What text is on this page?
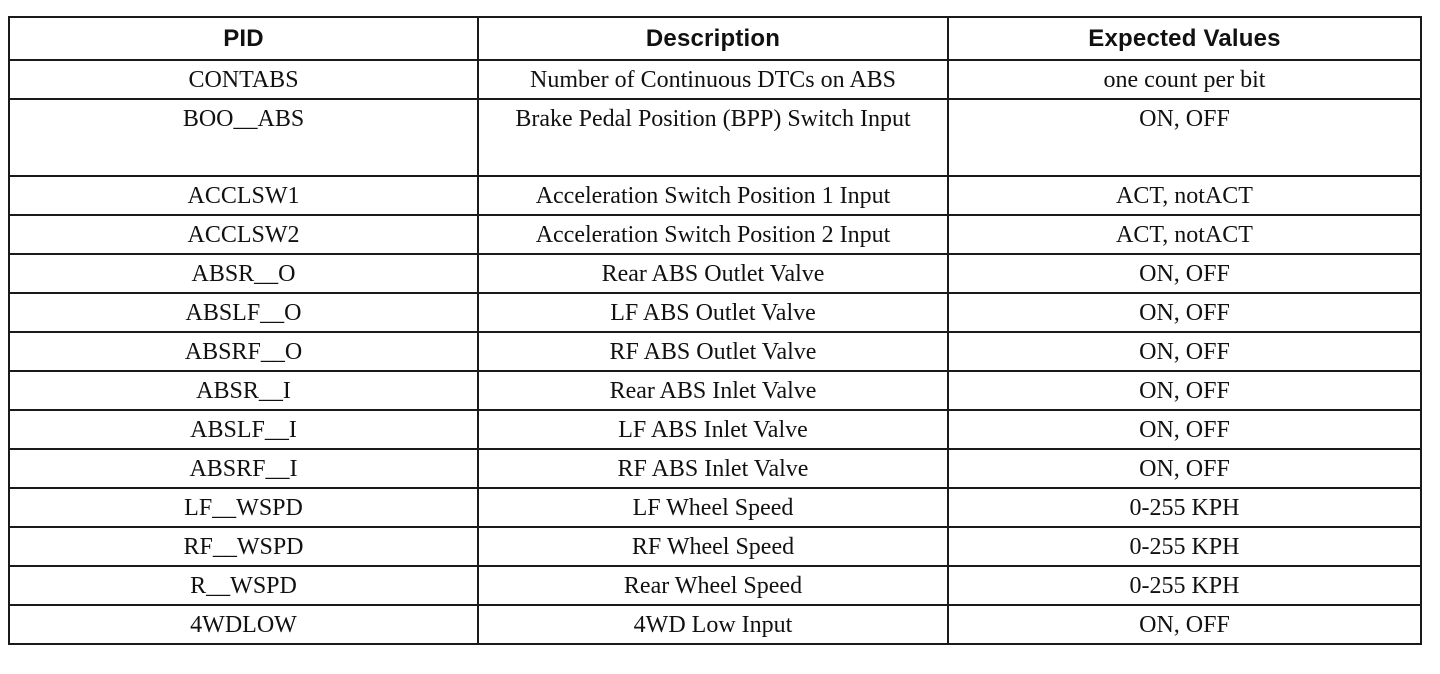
PID	Description	Expected Values
CONTABS	Number of Continuous DTCs on ABS	one count per bit
BOO__ABS	Brake Pedal Position (BPP) Switch Input	ON, OFF
ACCLSW1	Acceleration Switch Position 1 Input	ACT, notACT
ACCLSW2	Acceleration Switch Position 2 Input	ACT, notACT
ABSR__O	Rear ABS Outlet Valve	ON, OFF
ABSLF__O	LF ABS Outlet Valve	ON, OFF
ABSRF__O	RF ABS Outlet Valve	ON, OFF
ABSR__I	Rear ABS Inlet Valve	ON, OFF
ABSLF__I	LF ABS Inlet Valve	ON, OFF
ABSRF__I	RF ABS Inlet Valve	ON, OFF
LF__WSPD	LF Wheel Speed	0-255 KPH
RF__WSPD	RF Wheel Speed	0-255 KPH
R__WSPD	Rear Wheel Speed	0-255 KPH
4WDLOW	4WD Low Input	ON, OFF
